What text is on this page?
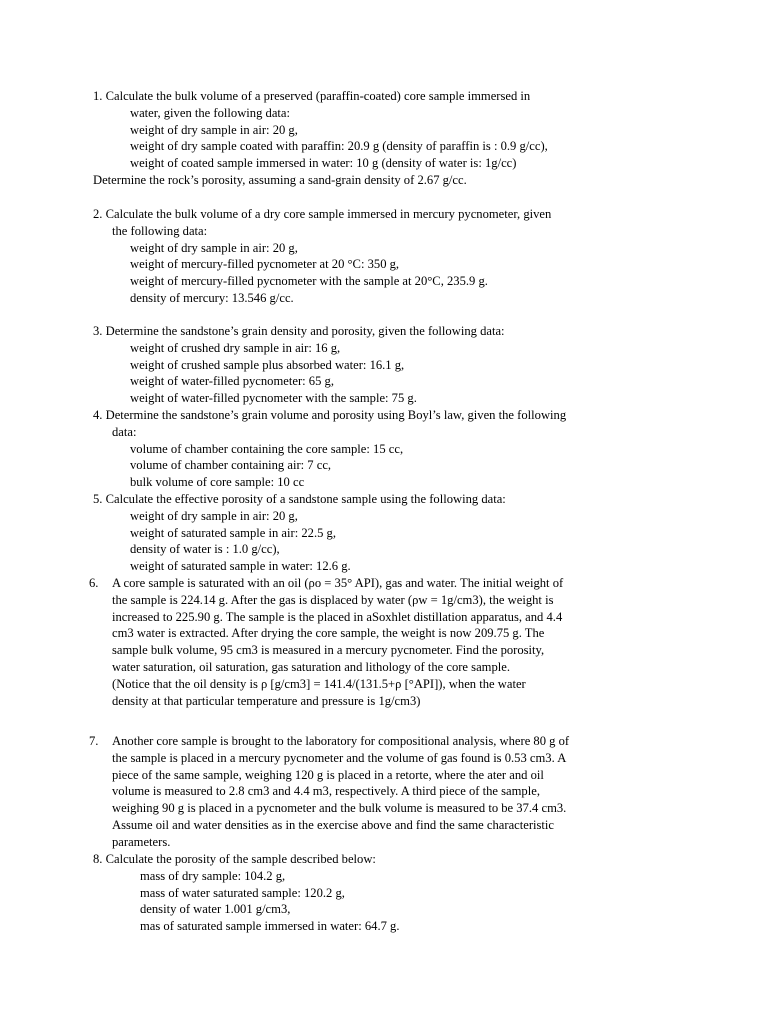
1. Calculate the bulk volume of a preserved (paraffin-coated) core sample immersed in
water, given the following data:
weight of dry sample in air: 20 g,
weight of dry sample coated with paraffin: 20.9 g (density of paraffin is : 0.9 g/cc),
weight of coated sample immersed in water: 10 g (density of water is: 1g/cc)
Determine the rock’s porosity, assuming a sand-grain density of 2.67 g/cc.
2. Calculate the bulk volume of a dry core sample immersed in mercury pycnometer, given
the following data:
weight of dry sample in air: 20 g,
weight of mercury-filled pycnometer at 20 °C: 350 g,
weight of mercury-filled pycnometer with the sample at 20°C, 235.9 g.
density of mercury: 13.546 g/cc.
3. Determine the sandstone’s grain density and porosity, given the following data:
weight of crushed dry sample in air: 16 g,
weight of crushed sample plus absorbed water: 16.1 g,
weight of water-filled pycnometer: 65 g,
weight of water-filled pycnometer with the sample: 75 g.
4. Determine the sandstone’s grain volume and porosity using Boyl’s law, given the following
data:
volume of chamber containing the core sample: 15 cc,
volume of chamber containing air: 7 cc,
bulk volume of core sample: 10 cc
5. Calculate the effective porosity of a sandstone sample using the following data:
weight of dry sample in air: 20 g,
weight of saturated sample in air: 22.5 g,
density of water is : 1.0 g/cc),
weight of saturated sample in water: 12.6 g.
6. A core sample is saturated with an oil (ρo = 35° API), gas and water. The initial weight of
the sample is 224.14 g. After the gas is displaced by water (ρw = 1g/cm3), the weight is
increased to 225.90 g. The sample is the placed in aSoxhlet distillation apparatus, and 4.4
cm3 water is extracted. After drying the core sample, the weight is now 209.75 g. The
sample bulk volume, 95 cm3 is measured in a mercury pycnometer. Find the porosity,
water saturation, oil saturation, gas saturation and lithology of the core sample.
(Notice that the oil density is ρ [g/cm3] = 141.4/(131.5+ρ [°API]), when the water
density at that particular temperature and pressure is 1g/cm3)
7. Another core sample is brought to the laboratory for compositional analysis, where 80 g of
the sample is placed in a mercury pycnometer and the volume of gas found is 0.53 cm3. A
piece of the same sample, weighing 120 g is placed in a retorte, where the ater and oil
volume is measured to 2.8 cm3 and 4.4 m3, respectively. A third piece of the sample,
weighing 90 g is placed in a pycnometer and the bulk volume is measured to be 37.4 cm3.
Assume oil and water densities as in the exercise above and find the same characteristic
parameters.
8. Calculate the porosity of the sample described below:
mass of dry sample: 104.2 g,
mass of water saturated sample: 120.2 g,
density of water 1.001 g/cm3,
mas of saturated sample immersed in water: 64.7 g.
